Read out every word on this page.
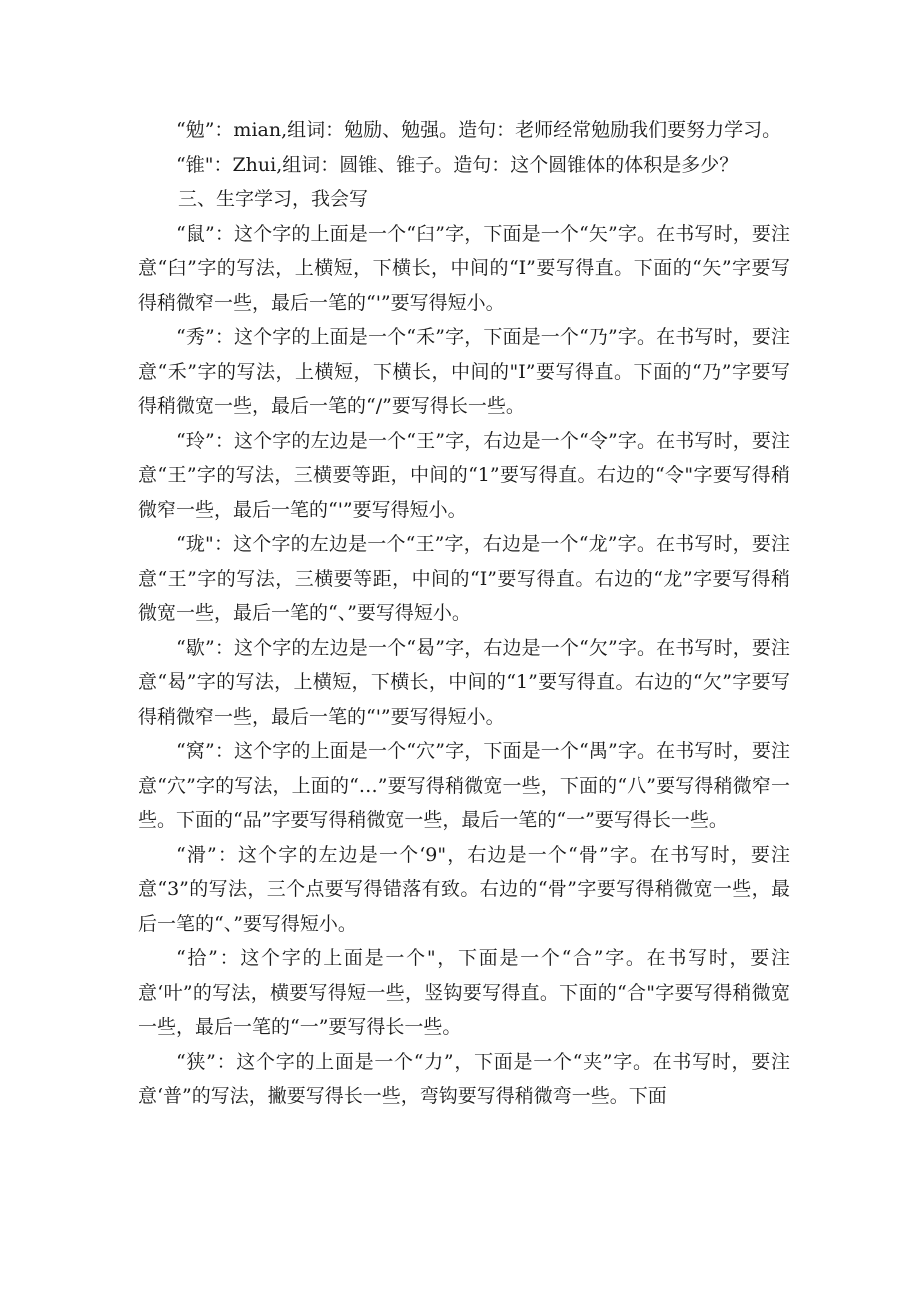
“勉”：mian,组词：勉励、勉强。造句：老师经常勉励我们要努力学习。

“锥"：Zhui,组词：圆锥、锥子。造句：这个圆锥体的体积是多少？

三、生字学习，我会写

“鼠”：这个字的上面是一个“臼”字，下面是一个“矢”字。在书写时，要注意“臼”字的写法，上横短，下横长，中间的“I”要写得直。下面的“矢”字要写得稍微窄一些，最后一笔的“'”要写得短小。

“秀”：这个字的上面是一个“禾”字，下面是一个“乃”字。在书写时，要注意“禾”字的写法，上横短，下横长，中间的"I”要写得直。下面的“乃”字要写得稍微宽一些，最后一笔的“/”要写得长一些。

“玲”：这个字的左边是一个“王”字，右边是一个“令”字。在书写时，要注意“王”字的写法，三横要等距，中间的“1”要写得直。右边的“令"字要写得稍微窄一些，最后一笔的“'”要写得短小。

“珑"：这个字的左边是一个“王”字，右边是一个“龙”字。在书写时，要注意“王”字的写法，三横要等距，中间的“I”要写得直。右边的“龙”字要写得稍微宽一些，最后一笔的“、”要写得短小。

“歇”：这个字的左边是一个“曷”字，右边是一个“欠”字。在书写时，要注意“曷”字的写法，上横短，下横长，中间的“1”要写得直。右边的“欠”字要写得稍微窄一些，最后一笔的“'”要写得短小。

“窝”：这个字的上面是一个“穴”字，下面是一个“禺”字。在书写时，要注意“穴”字的写法，上面的“…”要写得稍微宽一些，下面的“八”要写得稍微窄一些。下面的“品”字要写得稍微宽一些，最后一笔的“一”要写得长一些。

“滑”：这个字的左边是一个‘9"，右边是一个“骨”字。在书写时，要注意“3”的写法，三个点要写得错落有致。右边的“骨”字要写得稍微宽一些，最后一笔的“、”要写得短小。

“拾”：这个字的上面是一个"，下面是一个“合”字。在书写时，要注意‘叶”的写法，横要写得短一些，竖钩要写得直。下面的“合"字要写得稍微宽一些，最后一笔的“一”要写得长一些。

“狭”：这个字的上面是一个“力”，下面是一个“夹”字。在书写时，要注意‘普”的写法，撇要写得长一些，弯钩要写得稍微弯一些。下面
